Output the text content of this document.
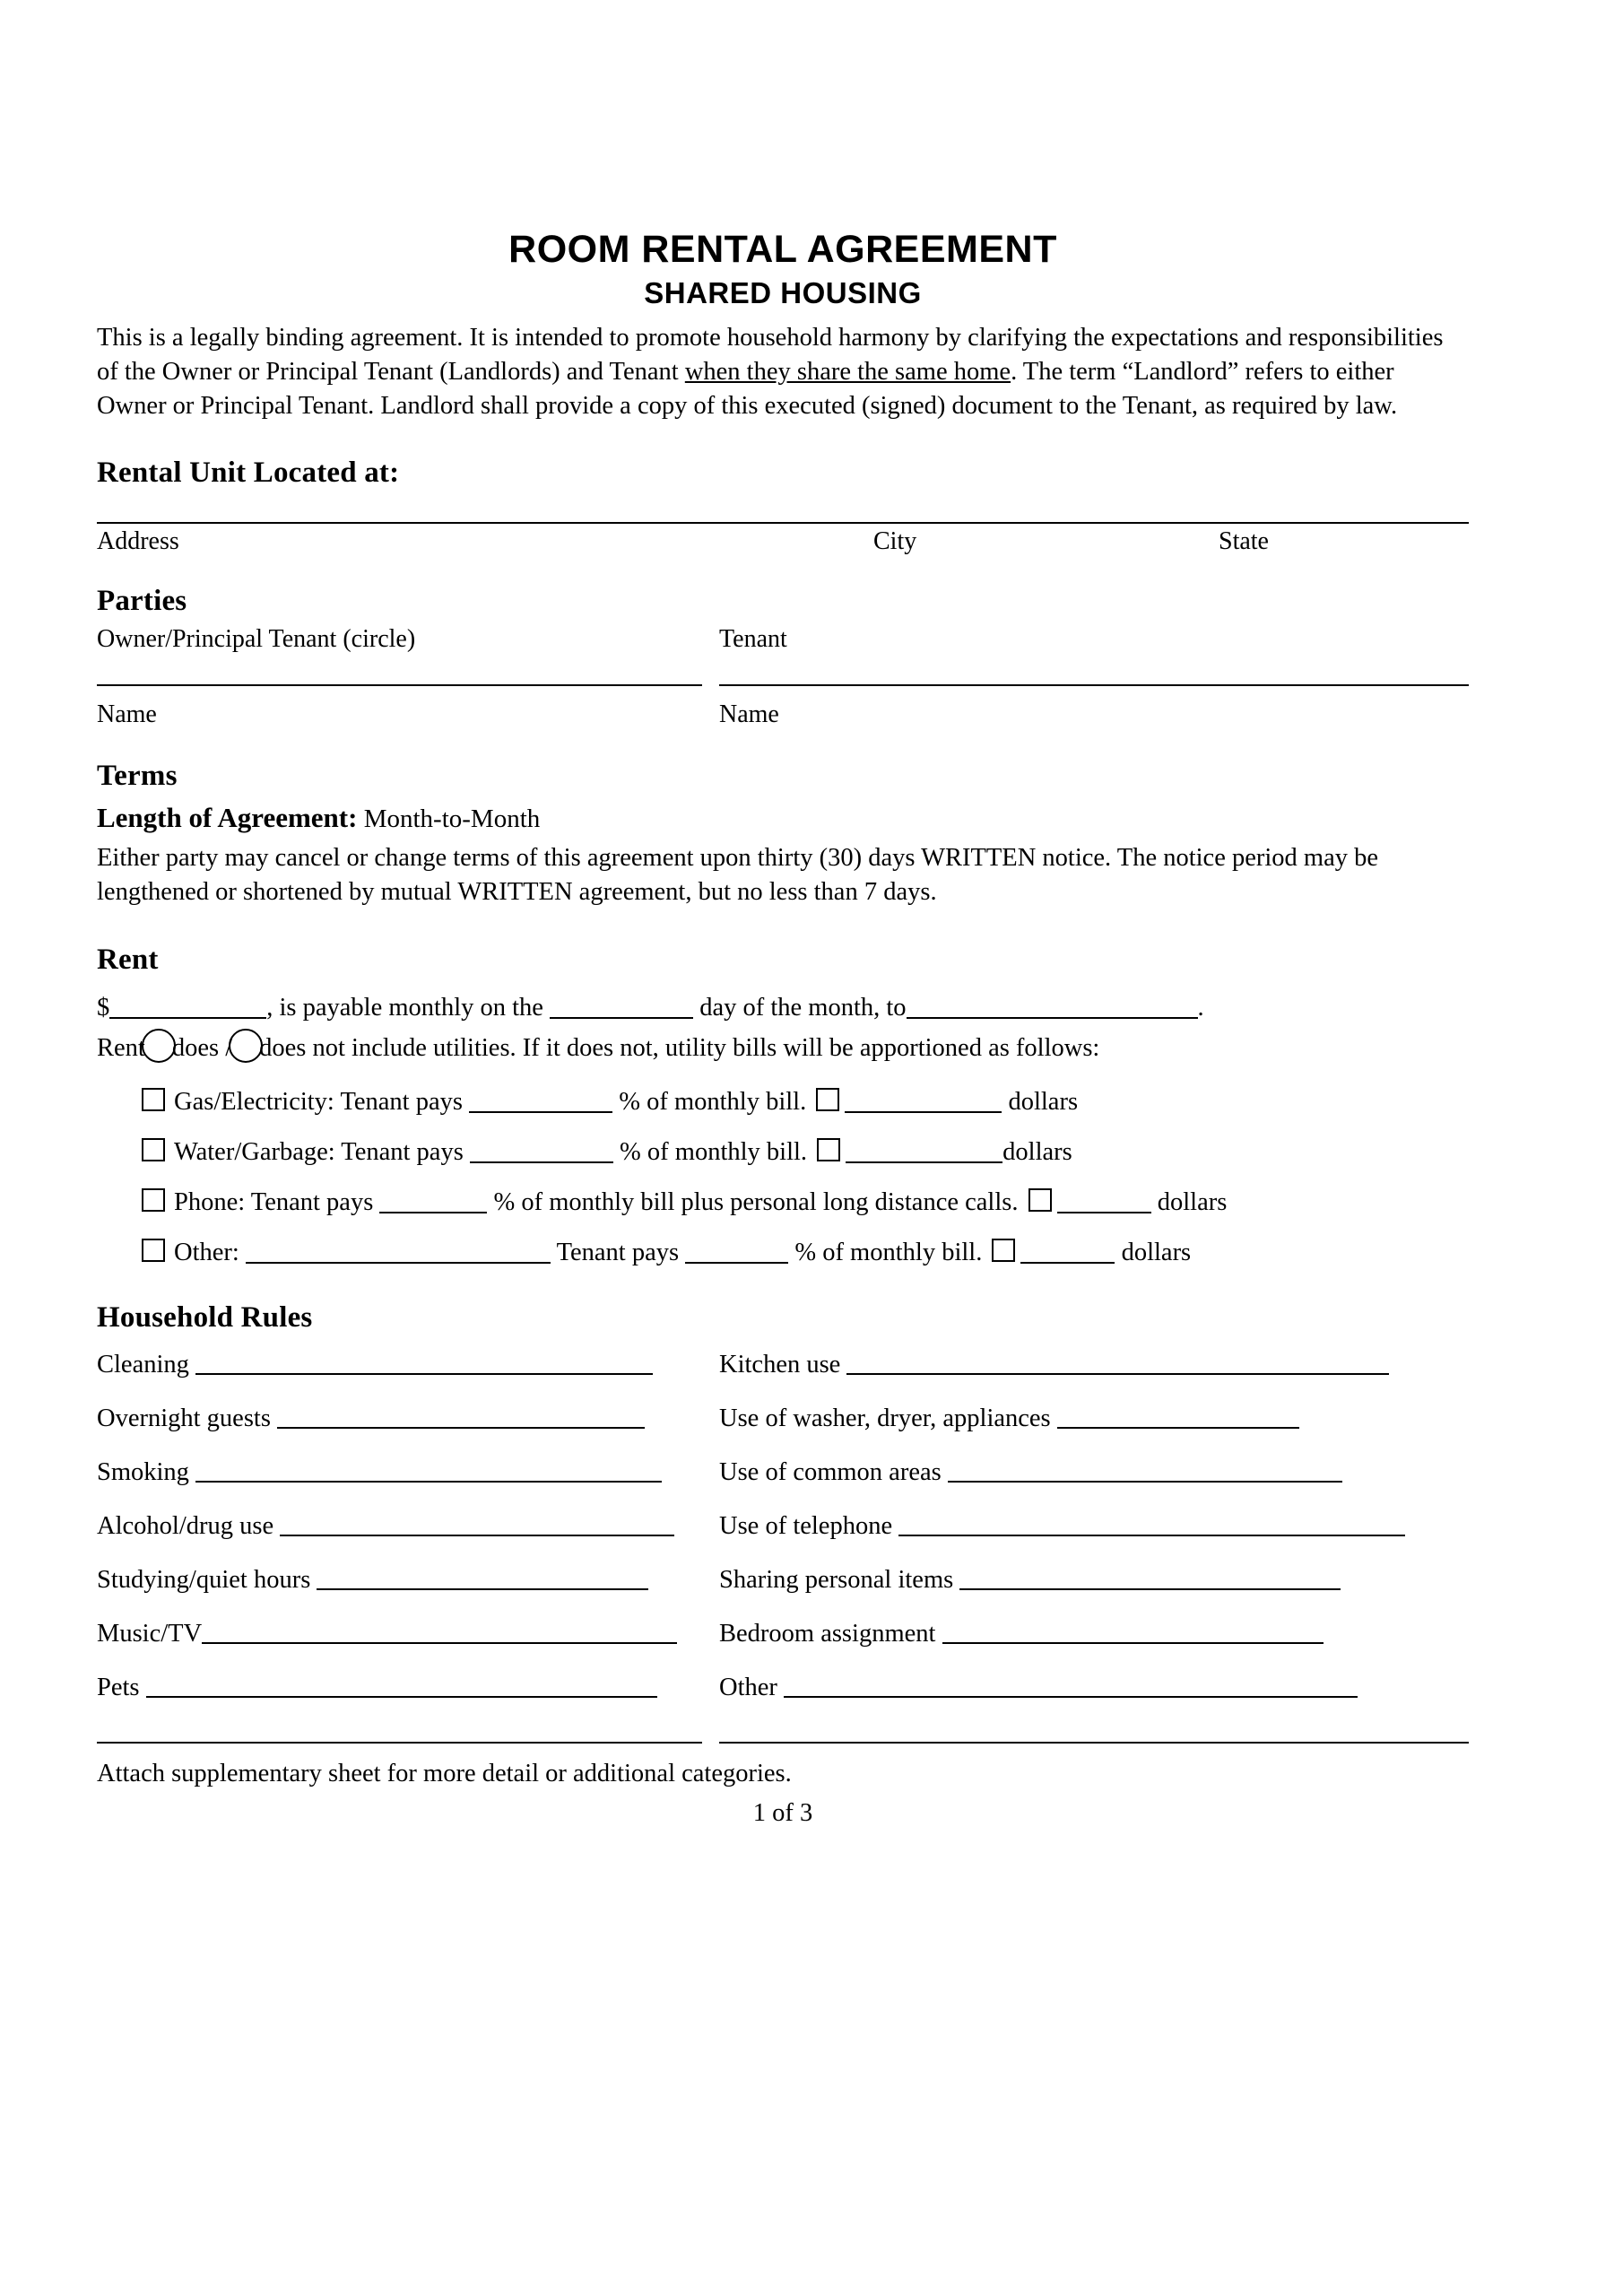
ROOM RENTAL AGREEMENT
SHARED HOUSING

This is a legally binding agreement. It is intended to promote household harmony by clarifying the expectations and responsibilities of the Owner or Principal Tenant (Landlords) and Tenant when they share the same home. The term “Landlord” refers to either Owner or Principal Tenant. Landlord shall provide a copy of this executed (signed) document to the Tenant, as required by law.

Rental Unit Located at:
Address	City	State
Parties
Owner/Principal Tenant (circle)	Tenant
Name	Name
Terms
Length of Agreement: Month-to-Month

Either party may cancel or change terms of this agreement upon thirty (30) days WRITTEN notice. The notice period may be lengthened or shortened by mutual WRITTEN agreement, but no less than 7 days.

Rent
$	, is payable monthly on the	day of the month, to	.
Rent does / does not include utilities. If it does not, utility bills will be apportioned as follows:
Gas/Electricity: Tenant pays	% of monthly bill.	dollars
Water/Garbage: Tenant pays	% of monthly bill.	dollars
Phone: Tenant pays	% of monthly bill plus personal long distance calls.	dollars
Other:	Tenant pays	% of monthly bill.	dollars
Household Rules
Cleaning	Kitchen use
Overnight guests	Use of washer, dryer, appliances
Smoking	Use of common areas
Alcohol/drug use	Use of telephone
Studying/quiet hours	Sharing personal items
Music/TV	Bedroom assignment
Pets	Other
Attach supplementary sheet for more detail or additional categories.
1 of 3
